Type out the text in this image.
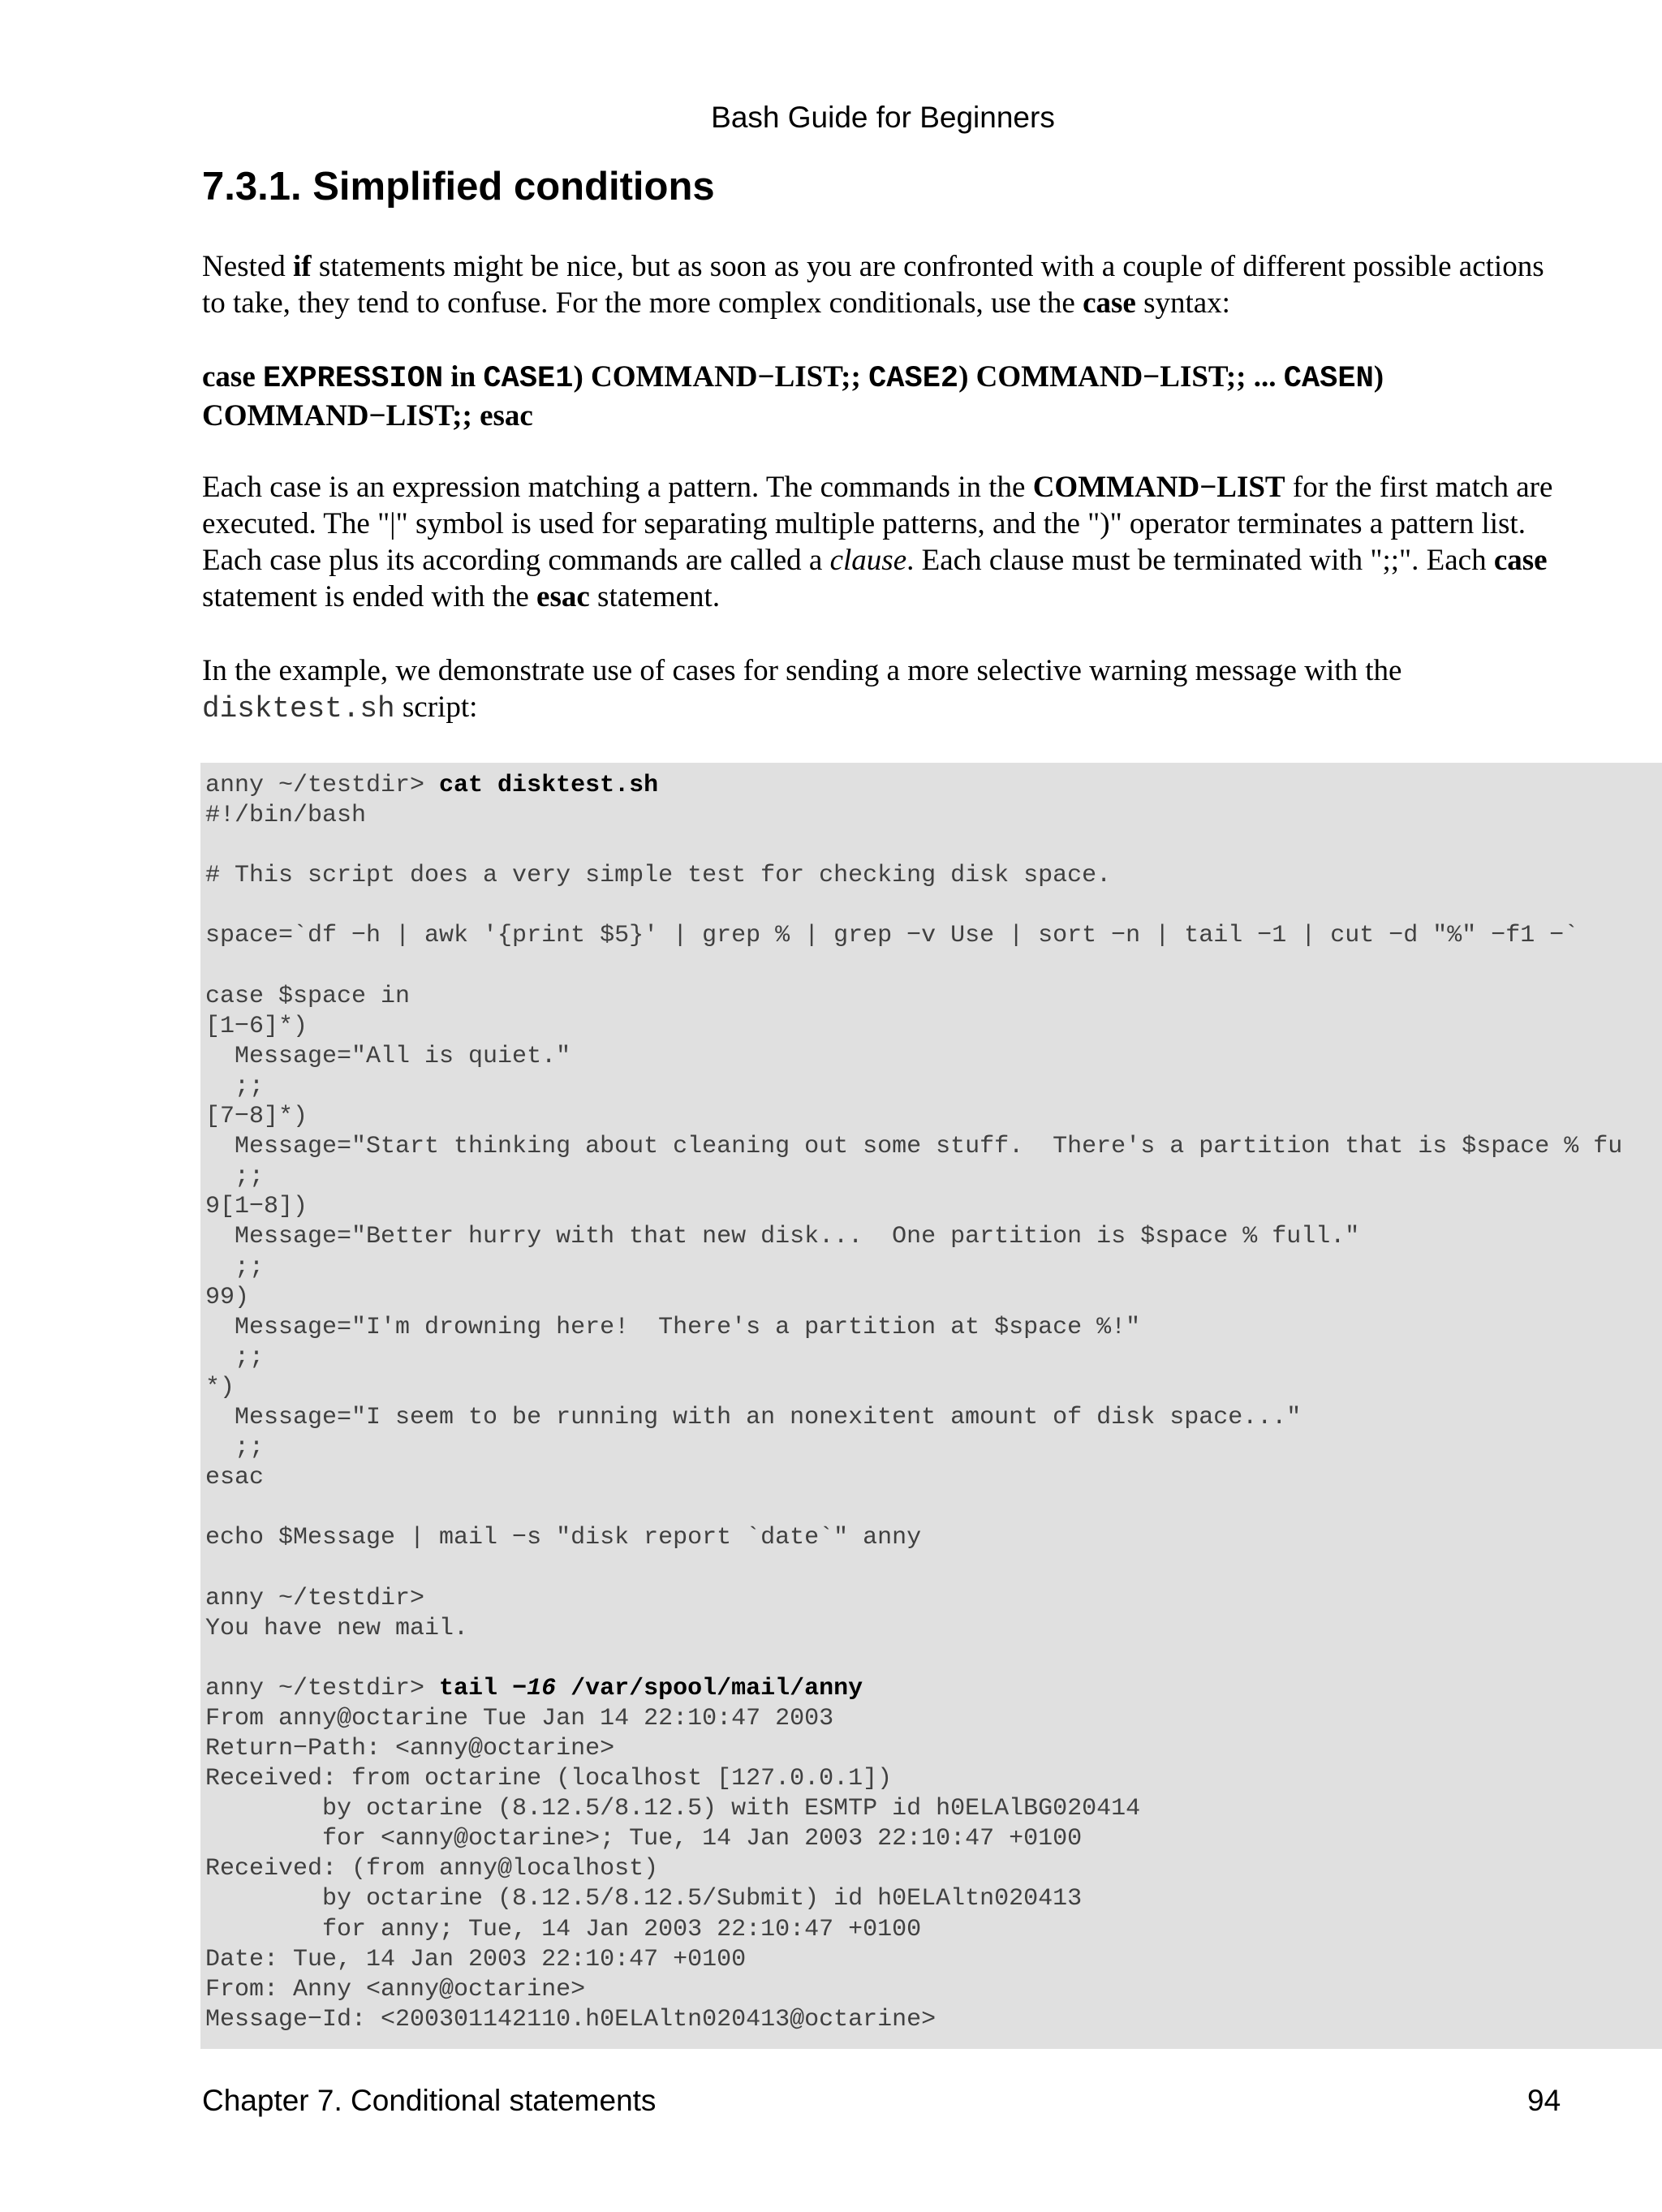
Bash Guide for Beginners
7.3.1. Simplified conditions

Nested if statements might be nice, but as soon as you are confronted with a couple of different possible actions to take, they tend to confuse. For the more complex conditionals, use the case syntax:

case EXPRESSION in CASE1) COMMAND−LIST;; CASE2) COMMAND−LIST;; ... CASEN) COMMAND−LIST;; esac

Each case is an expression matching a pattern. The commands in the COMMAND−LIST for the first match are executed. The "|" symbol is used for separating multiple patterns, and the ")" operator terminates a pattern list. Each case plus its according commands are called a clause. Each clause must be terminated with ";;". Each case statement is ended with the esac statement.

In the example, we demonstrate use of cases for sending a more selective warning message with the disktest.sh script:

anny ~/testdir> cat disktest.sh
#!/bin/bash

# This script does a very simple test for checking disk space.

space=`df −h | awk '{print $5}' | grep % | grep −v Use | sort −n | tail −1 | cut −d "%" −f1 −`

case $space in
[1−6]*)
Message="All is quiet."
;;
[7−8]*)
Message="Start thinking about cleaning out some stuff.  There's a partition that is $space % fu
;;
9[1−8])
Message="Better hurry with that new disk...  One partition is $space % full."
;;
99)
Message="I'm drowning here!  There's a partition at $space %!"
;;
*)
Message="I seem to be running with an nonexitent amount of disk space..."
;;
esac

echo $Message | mail −s "disk report `date`" anny

anny ~/testdir>
You have new mail.

anny ~/testdir> tail −16 /var/spool/mail/anny
From anny@octarine Tue Jan 14 22:10:47 2003
Return−Path: <anny@octarine>
Received: from octarine (localhost [127.0.0.1])
by octarine (8.12.5/8.12.5) with ESMTP id h0ELAlBG020414
for <anny@octarine>; Tue, 14 Jan 2003 22:10:47 +0100
Received: (from anny@localhost)
by octarine (8.12.5/8.12.5/Submit) id h0ELAltn020413
for anny; Tue, 14 Jan 2003 22:10:47 +0100
Date: Tue, 14 Jan 2003 22:10:47 +0100
From: Anny <anny@octarine>
Message−Id: <200301142110.h0ELAltn020413@octarine>
Chapter 7. Conditional statements	94
